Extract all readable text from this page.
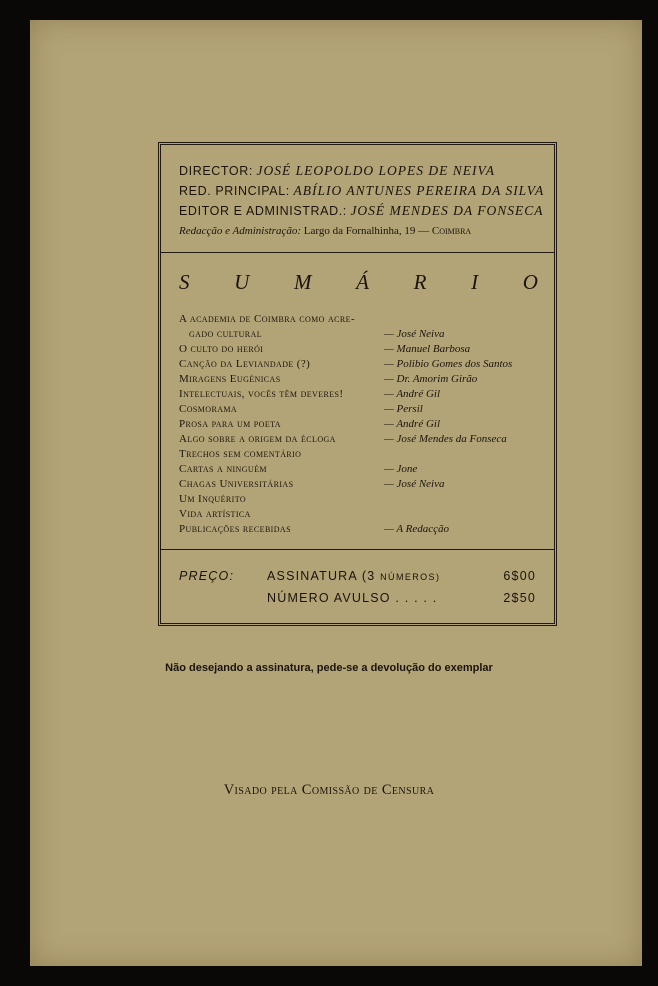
DIRECTOR: JOSÉ LEOPOLDO LOPES DE NEIVA
RED. PRINCIPAL: ABÍLIO ANTUNES PEREIRA DA SILVA
EDITOR E ADMINISTRAD.: JOSÉ MENDES DA FONSECA
Redacção e Administração: Largo da Fornalhinha, 19 — Coimbra
S U M Á R I O
A academia de Coimbra como acre-
gado cultural	— José Neiva
O culto do herói	— Manuel Barbosa
Canção da Leviandade (?)	— Polibio Gomes dos Santos
Miragens Eugénicas	— Dr. Amorim Girão
Intelectuais, vocês têm deveres!	— André Gil
Cosmorama	— Persil
Prosa para um poeta	— André Gil
Algo sobre a origem da écloga	— José Mendes da Fonseca
Trechos sem comentário
Cartas a ninguém	— Jone
Chagas Universitárias	— José Neiva
Um Inquérito
Vida artística
Publicações recebidas	— A Redacção
PREÇO:	ASSINATURA (3 NÚMEROS)	6$00
NÚMERO AVULSO . . . . .	2$50
Não desejando a assinatura, pede-se a devolução do exemplar
Visado pela Comissão de Censura
